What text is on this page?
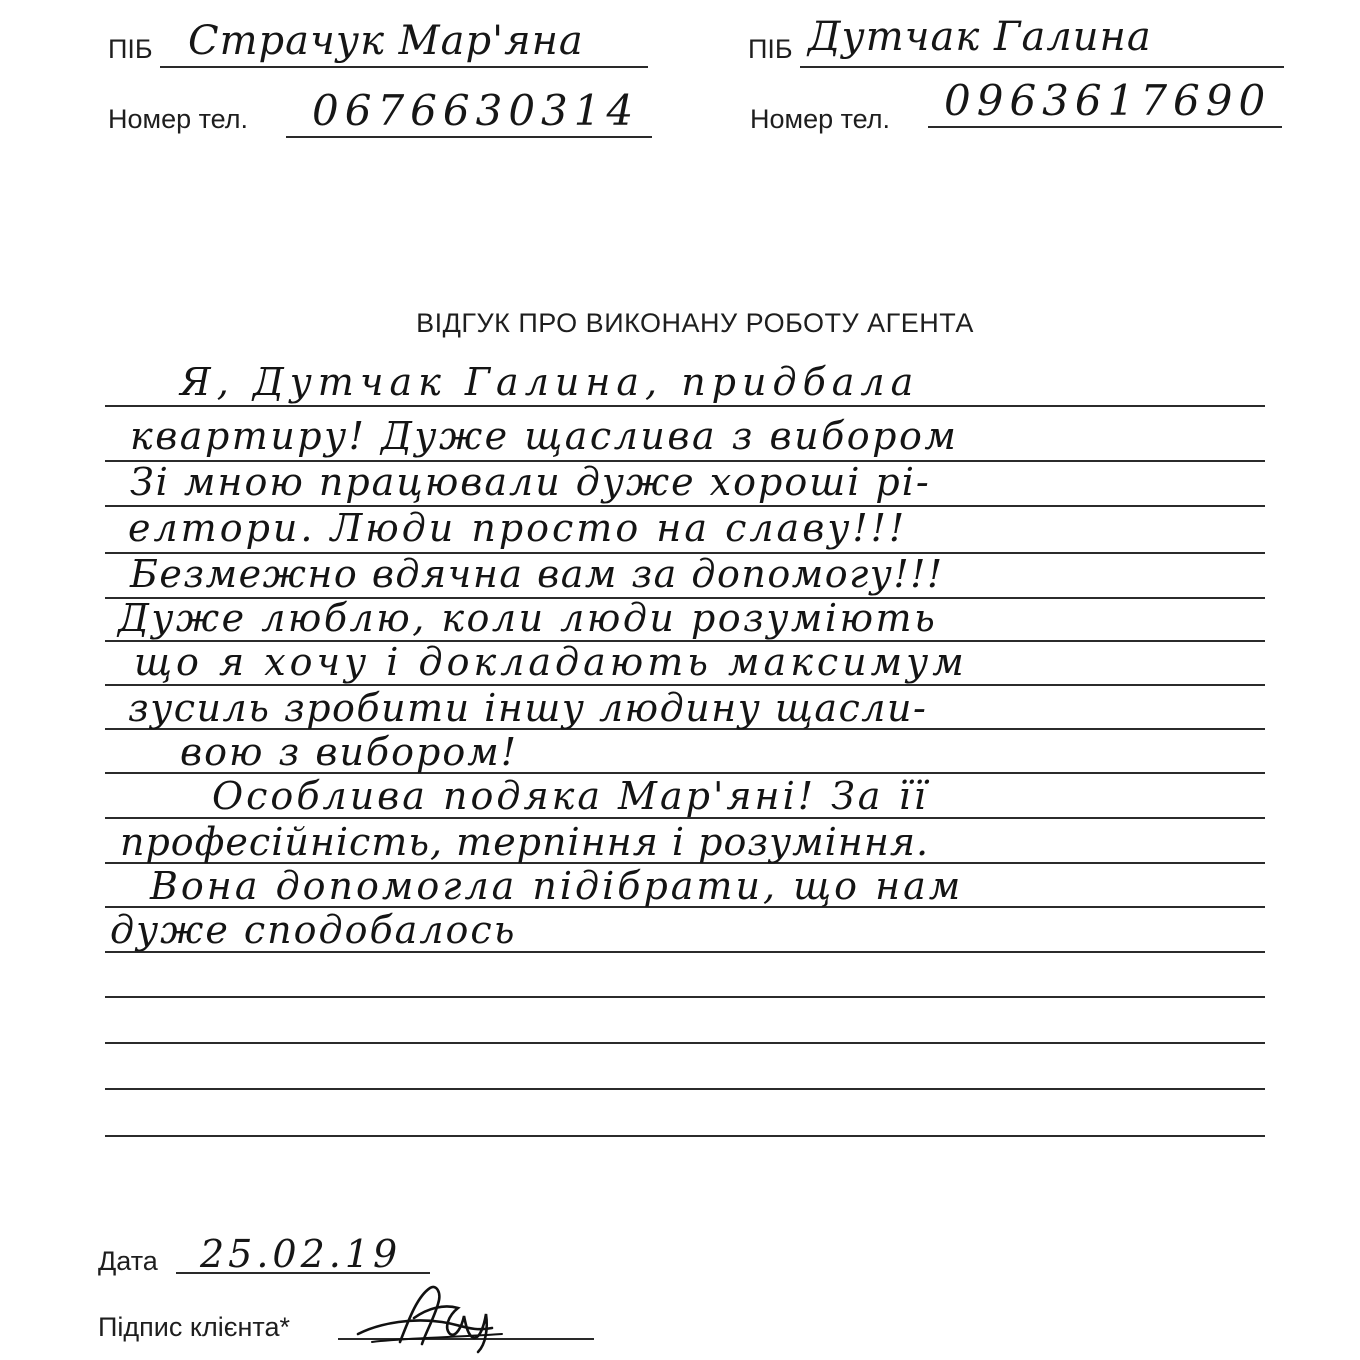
ПІБ Страчук Мар'яна
Номер тел. 0676630314
ПІБ Дутчак Галина
Номер тел. 0963617690
ВІДГУК ПРО ВИКОНАНУ РОБОТУ АГЕНТА
Я, Дутчак Галина, придбала
квартиру! Дуже щаслива з вибором
Зі мною працювали дуже хороші рі-
елтори. Люди просто на славу!!!
Безмежно вдячна вам за допомогу!!!
Дуже люблю, коли люди розуміють
що я хочу і докладають максимум
зусиль зробити іншу людину щасли-
вою з вибором!
Особлива подяка Мар'яні! За її
професійність, терпіння і розуміння.
Вона допомогла підібрати, що нам
дуже сподобалось
Дата 25.02.19
Підпис клієнта*
